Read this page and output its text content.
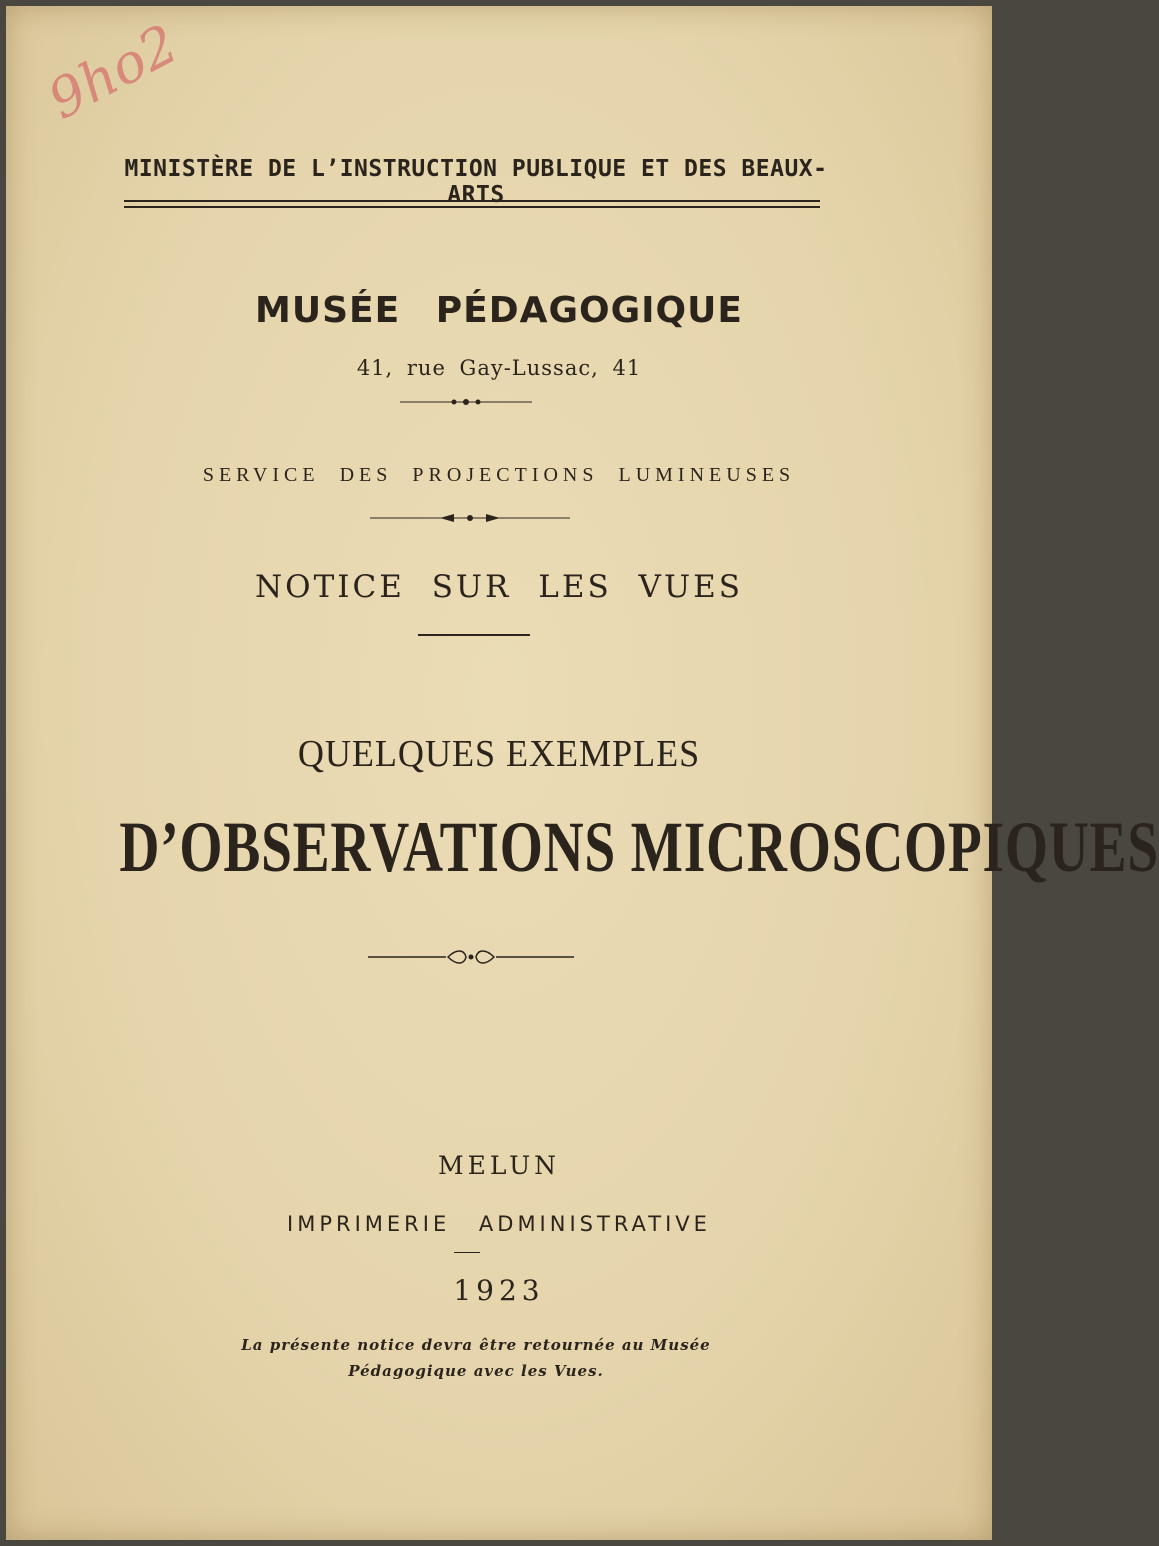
9ho2
MINISTÈRE DE L’INSTRUCTION PUBLIQUE ET DES BEAUX-ARTS
MUSÉE PÉDAGOGIQUE
41, rue Gay-Lussac, 41
SERVICE DES PROJECTIONS LUMINEUSES
NOTICE SUR LES VUES
QUELQUES EXEMPLES
D’OBSERVATIONS MICROSCOPIQUES
MELUN
IMPRIMERIE ADMINISTRATIVE
1923
La présente notice devra être retournée au Musée
Pédagogique avec les Vues.
